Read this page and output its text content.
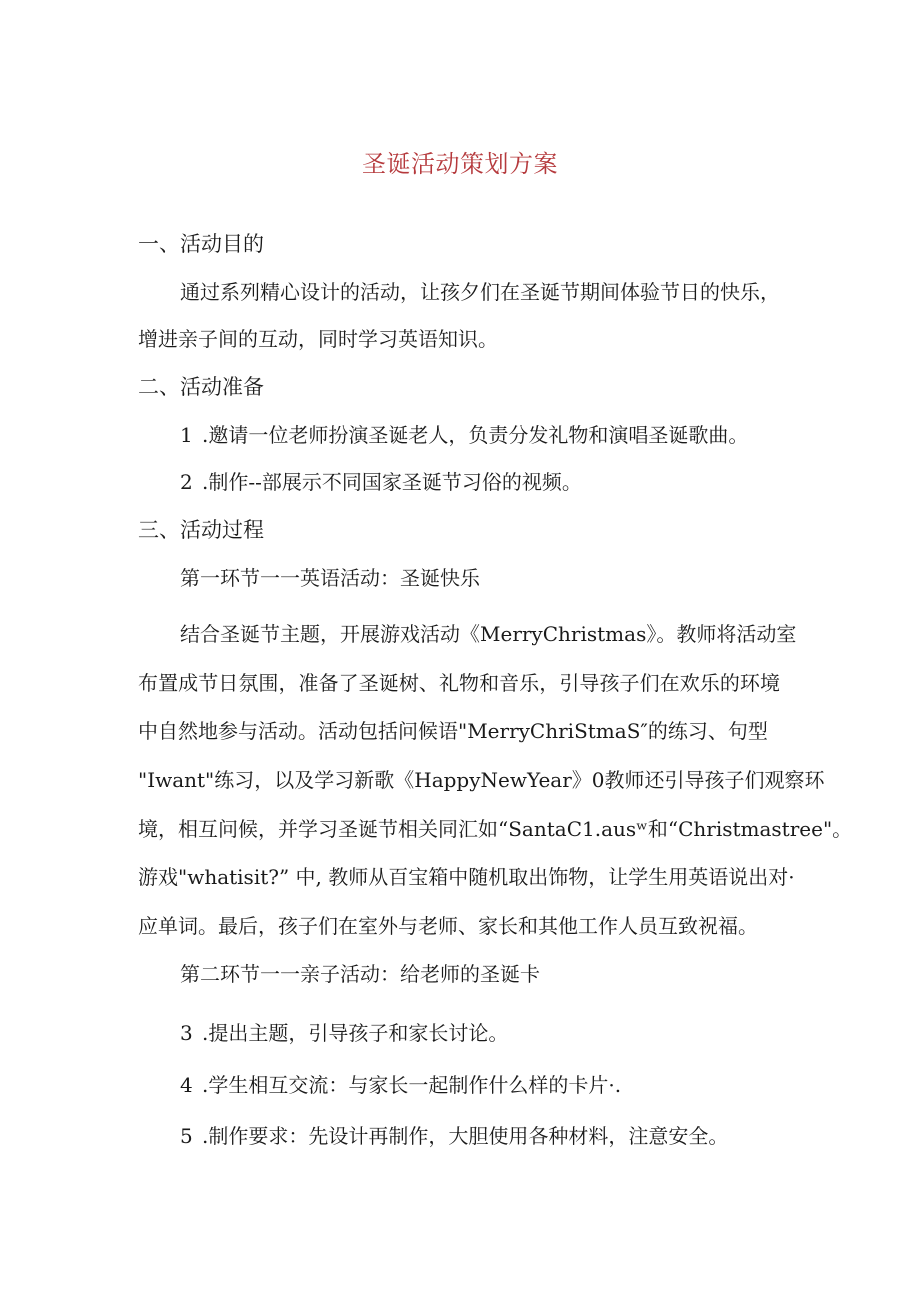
圣诞活动策划方案
一、活动目的
通过系列精心设计的活动，让孩夕们在圣诞节期间体验节日的快乐，
增进亲子间的互动，同时学习英语知识。
二、活动准备
1 .邀请一位老师扮演圣诞老人，负责分发礼物和演唱圣诞歌曲。
2 .制作--部展示不同国家圣诞节习俗的视频。
三、活动过程
第一环节一一英语活动：圣诞快乐
结合圣诞节主题，开展游戏活动《MerryChristmas》。教师将活动室
布置成节日氛围，准备了圣诞树、礼物和音乐，引导孩子们在欢乐的环境
中自然地参与活动。活动包括问候语"MerryChriStmaS″的练习、句型
"Iwant"练习，以及学习新歌《HappyNewYear》0教师还引导孩子们观察环
境，相互问候，并学习圣诞节相关同汇如“SantaC1.ausʷ和“Christmastree"。
游戏"whatisit?” 中, 教师从百宝箱中随机取出饰物，让学生用英语说出对·
应单词。最后，孩子们在室外与老师、家长和其他工作人员互致祝福。
第二环节一一亲子活动：给老师的圣诞卡
3 .提出主题，引导孩子和家长讨论。
4 .学生相互交流：与家长一起制作什么样的卡片·.
5 .制作要求：先设计再制作，大胆使用各种材料，注意安全。
